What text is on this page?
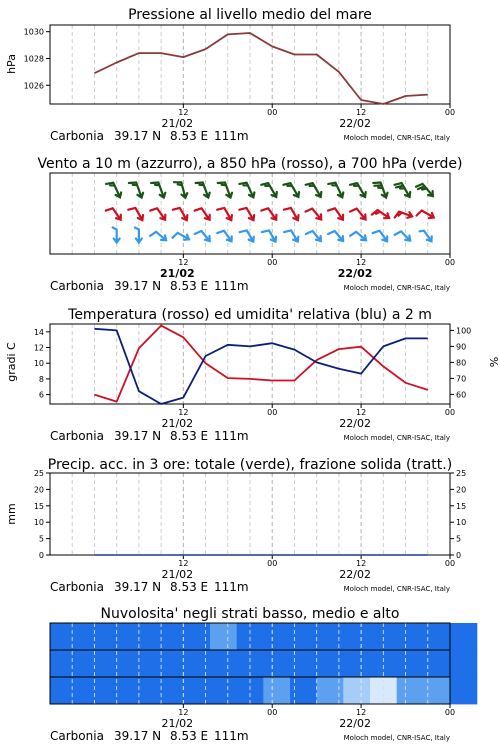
Pressione al livello medio del mare
Vento a 10 m (azzurro), a 850 hPa (rosso), a 700 hPa (verde)
Temperatura (rosso) ed umidita' relativa (blu) a 2 m
Precip. acc. in 3 ore: totale (verde), frazione solida (tratt.)
Nuvolosita' negli strati basso, medio e alto
hPa
gradi C	%
mm
12	00	12	00
21/02	22/02
Carbonia 39.17 N 8.53 E 111m	Moloch model, CNR-ISAC, Italy
12	00	12	00
21/02	22/02
Carbonia 39.17 N 8.53 E 111m	Moloch model, CNR-ISAC, Italy
12	00	12	00
21/02	22/02
Carbonia 39.17 N 8.53 E 111m	Moloch model, CNR-ISAC, Italy
12	00	12	00
21/02	22/02
Carbonia 39.17 N 8.53 E 111m	Moloch model, CNR-ISAC, Italy
12	00	12	00
21/02	22/02
Carbonia 39.17 N 8.53 E 111m	Moloch model, CNR-ISAC, Italy
1026
1028
1030
6
8
10
12
14
60
70
80
90
100
0
5
10
15
20
25
0
5
10
15
20
25
